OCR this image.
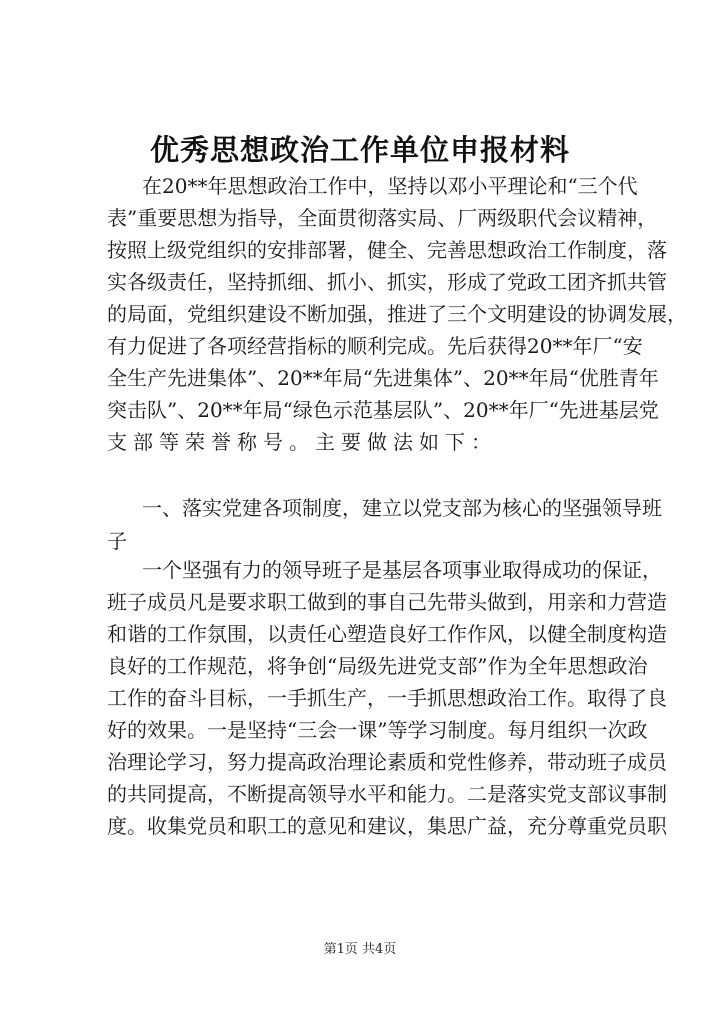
优秀思想政治工作单位申报材料
在20**年思想政治工作中，坚持以邓小平理论和“三个代
表”重要思想为指导，全面贯彻落实局、厂两级职代会议精神，
按照上级党组织的安排部署，健全、完善思想政治工作制度，落
实各级责任，坚持抓细、抓小、抓实，形成了党政工团齐抓共管
的局面，党组织建设不断加强，推进了三个文明建设的协调发展，
有力促进了各项经营指标的顺利完成。先后获得20**年厂“安
全生产先进集体”、20**年局“先进集体”、20**年局“优胜青年
突击队”、20**年局“绿色示范基层队”、20**年厂“先进基层党
支部等荣誉称号。主要做法如下：
一、落实党建各项制度，建立以党支部为核心的坚强领导班
子
一个坚强有力的领导班子是基层各项事业取得成功的保证，
班子成员凡是要求职工做到的事自己先带头做到，用亲和力营造
和谐的工作氛围，以责任心塑造良好工作作风，以健全制度构造
良好的工作规范，将争创“局级先进党支部”作为全年思想政治
工作的奋斗目标，一手抓生产，一手抓思想政治工作。取得了良
好的效果。一是坚持“三会一课”等学习制度。每月组织一次政
治理论学习，努力提高政治理论素质和党性修养，带动班子成员
的共同提高，不断提高领导水平和能力。二是落实党支部议事制
度。收集党员和职工的意见和建议，集思广益，充分尊重党员职
第1页 共4页
